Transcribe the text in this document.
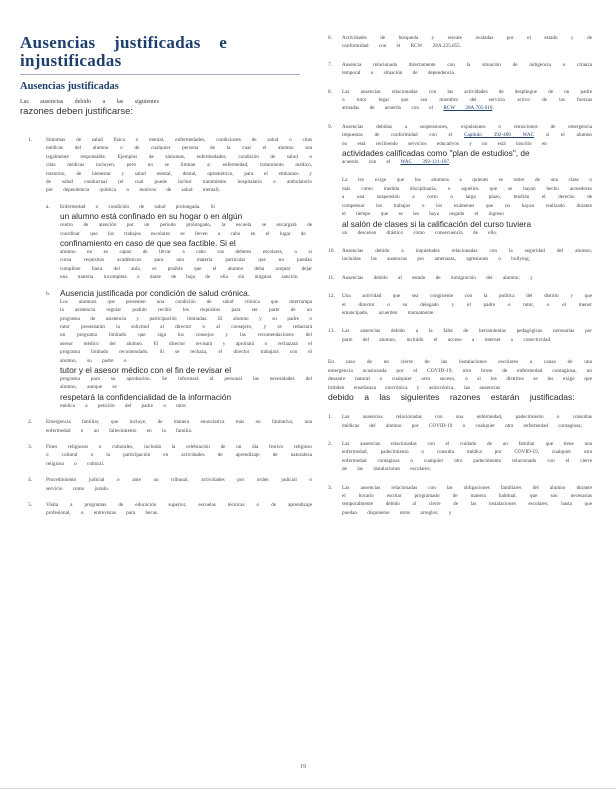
Ausencias justificadas e injustificadas
Ausencias justificadas
Las ausencias debido a las siguientes
razones deben justificarse:
1.	Síntomas de salud física o mental, enfermedades, condiciones de salud o citas médicas del alumno o de cualquier persona de la cual el alumno sea legalmente responsable. Ejemplos de síntomas, enfermedades, condición de salud o citas médicas incluyen, pero no se limitan a: enfermedad, tratamiento médico, trastorno, de bienestar y salud mental, dental, optométrico, para el embarazo y de salud conductual (el cual puede incluir tratamiento hospitalario o ambulatorio por dependencia química o motivos de salud mental).
a. Enfermedad o condición de salud prolongada. Si
un alumno está confinado en su hogar o en algún
centro de atención por un periodo prolongado, la escuela se encargará de coordinar que los trabajos escolares se lleven a cabo en el lugar de
confinamiento en caso de que sea factible. Si el
alumno no es capaz de llevar a cabo sus deberes escolares, o si cursa requisitos académicos para una materia particular que no puedan cumplirse fuera del aula, es posible que el alumno deba aceptar dejar una materia incompleta o darse de baja de ella sin ninguna sanción.
b. Ausencia justificada por condición de salud crónica.
Los alumnos que presenten una condición de salud crónica que interrumpa la asistencia regular podrán recibir los requisitos para ser parte de un programa de asistencia y participación limitadas. El alumno y su padre o tutor presentarán la solicitud al director o al consejero, y se redactará un programa limitado que siga los consejos y las recomendaciones del asesor médico del alumno. El director revisará y aprobará o rechazará el programa limitado recomendado. Si se rechaza, el director trabajará con el alumno, su padre o
tutor y el asesor médico con el fin de revisar el
programa para su aprobación. Se informará al personal las necesidades del alumno, aunque se
respetará la confidencialidad de la información
médica a petición del padre o tutor.
2.	Emergencia familiar, que incluye, de manera enunciativa más no limitativa, una enfermedad o un fallecimiento en la familia.
3.	Fines religiosos o culturales, incluida la celebración de un día festivo religioso o cultural o la participación en actividades de aprendizaje de naturaleza religiosa o cultural.
4.	Procedimiento judicial o ante un tribunal, actividades por orden judicial o servicio como jurado.
5.	Visita a programas de educación superior, escuelas técnicas o de aprendizaje profesional, o entrevistas para becas.
6. Actividades de búsqueda y rescate avaladas por el estado y de conformidad con el RCW 28A.225.055.
7. Ausencia relacionada directamente con la situación de indigencia o crianza temporal o situación de dependencia.
8. Las ausencias relacionadas con las actividades de despliegue de un padre o tutor legal que sea miembro del servicio activo de las fuerzas armadas de acuerdo con el RCW 28A.705.010.
9. Ausencias debidas a suspensiones, expulsiones o remociones de emergencia impuestas de conformidad con el Capítulo 392-400 WAC si el alumno no está recibiendo servicios educativos y no está inscrito en
actividades calificadas como "plan de estudios", de
acuerdo con el WAC 392-121-107.
La ley exige que los alumnos a quienes se retire de una clase o más como medida disciplinaria, o aquellos que se hayan hecho acreedores a una suspensión a corto o largo plazo, tendrán el derecho de compensar los trabajos o los exámenes que no hayan realizado durante el tiempo que se les haya negado el ingreso
al salón de clases si la calificación del curso tuviera
un descenso drástico como consecuencia de ello.
10. Ausencias debido a inquietudes relacionadas con la seguridad del alumno, incluidas las ausencias por amenazas, agresiones o bullying;
11. Ausencias debido al estado de inmigración del alumno; y
12. Una actividad que sea congruente con la política del distrito y que el director o su delegado y el padre o tutor, o el menor emancipado, acuerden mutuamente.
13. Las ausencias debido a la falta de herramientas pedagógicas necesarias por parte del alumno, incluido el acceso a internet o conectividad.
En caso de un cierre de las instalaciones escolares a causa de una emergencia ocasionada por el COVID-19, otro brote de enfermedad contagiosa, un desastre natural o cualquier otro suceso, o si los distritos se les exige que brinden enseñanza sincrónica y asincrónica, las ausencias
debido a las siguientes razones estarán justificadas:
1. Las ausencias relacionadas con una enfermedad, padecimiento o consultas médicas del alumno por COVID-19 o cualquier otra enfermedad contagiosa;
2. Las ausencias relacionadas con el cuidado de un familiar que tiene una enfermedad, padecimiento o consulta médica por COVID-19, cualquier otra enfermedad contagiosa o cualquier otro padecimiento relacionado con el cierre de las instalaciones escolares;
3. Las ausencias relacionadas con las obligaciones familiares del alumno durante el horario escolar programado de manera habitual, que son necesarias temporalmente debido al cierre de las instalaciones escolares, hasta que puedan disponerse otros arreglos; y
19
